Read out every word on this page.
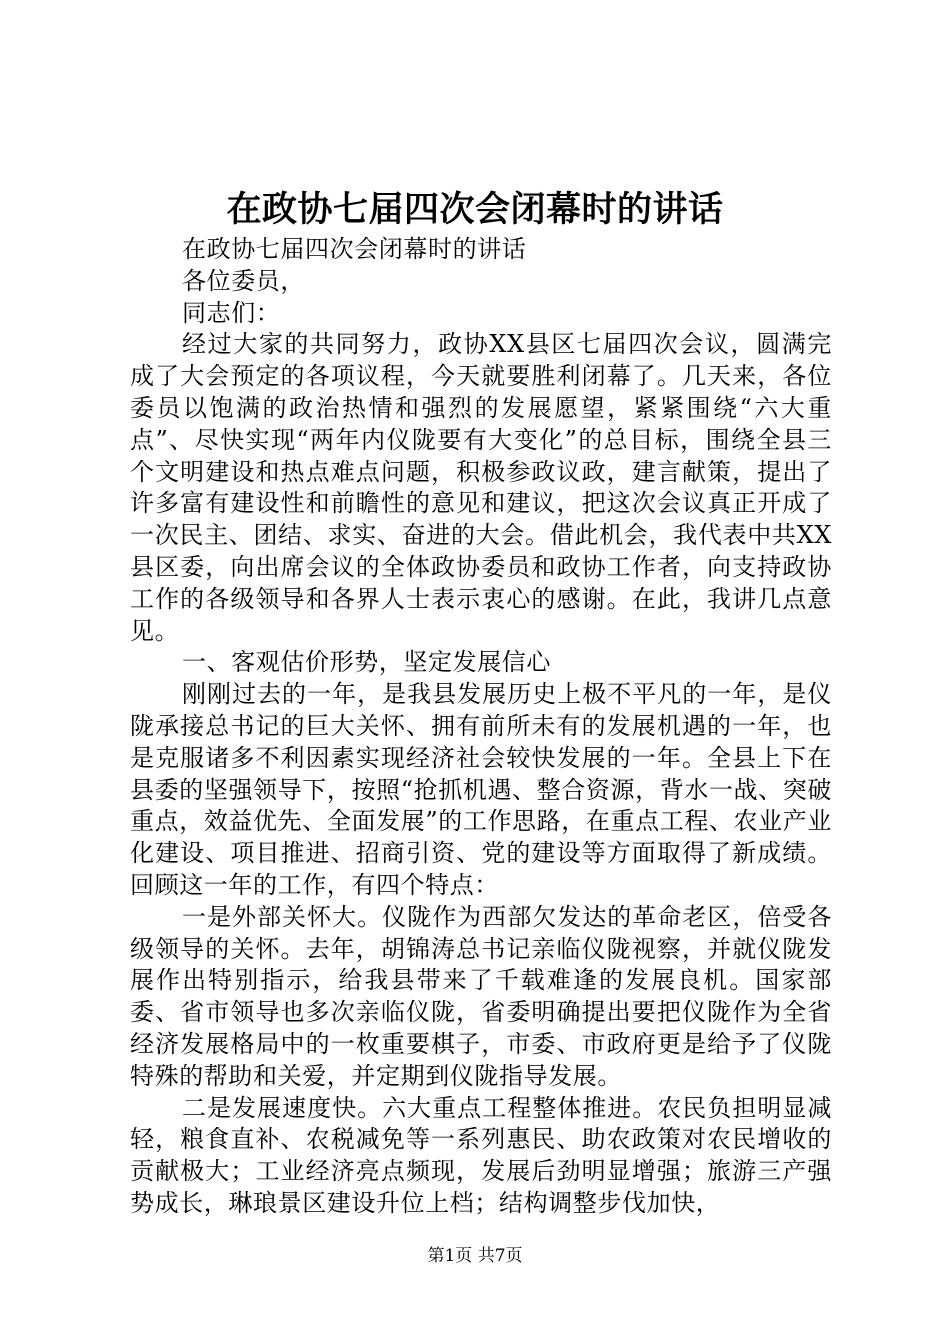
在政协七届四次会闭幕时的讲话

在政协七届四次会闭幕时的讲话

各位委员，

同志们：

经过大家的共同努力，政协XX县区七届四次会议，圆满完成了大会预定的各项议程，今天就要胜利闭幕了。几天来，各位委员以饱满的政治热情和强烈的发展愿望，紧紧围绕“六大重点”、尽快实现“两年内仪陇要有大变化”的总目标，围绕全县三个文明建设和热点难点问题，积极参政议政，建言献策，提出了许多富有建设性和前瞻性的意见和建议，把这次会议真正开成了一次民主、团结、求实、奋进的大会。借此机会，我代表中共XX县区委，向出席会议的全体政协委员和政协工作者，向支持政协工作的各级领导和各界人士表示衷心的感谢。在此，我讲几点意见。

一、客观估价形势，坚定发展信心

刚刚过去的一年，是我县发展历史上极不平凡的一年，是仪陇承接总书记的巨大关怀、拥有前所未有的发展机遇的一年，也是克服诸多不利因素实现经济社会较快发展的一年。全县上下在县委的坚强领导下，按照“抢抓机遇、整合资源，背水一战、突破重点，效益优先、全面发展”的工作思路，在重点工程、农业产业化建设、项目推进、招商引资、党的建设等方面取得了新成绩。回顾这一年的工作，有四个特点：

一是外部关怀大。仪陇作为西部欠发达的革命老区，倍受各级领导的关怀。去年，胡锦涛总书记亲临仪陇视察，并就仪陇发展作出特别指示，给我县带来了千载难逢的发展良机。国家部委、省市领导也多次亲临仪陇，省委明确提出要把仪陇作为全省经济发展格局中的一枚重要棋子，市委、市政府更是给予了仪陇特殊的帮助和关爱，并定期到仪陇指导发展。

二是发展速度快。六大重点工程整体推进。农民负担明显减轻，粮食直补、农税减免等一系列惠民、助农政策对农民增收的贡献极大；工业经济亮点频现，发展后劲明显增强；旅游三产强势成长，琳琅景区建设升位上档；结构调整步伐加快，

第1页 共7页
